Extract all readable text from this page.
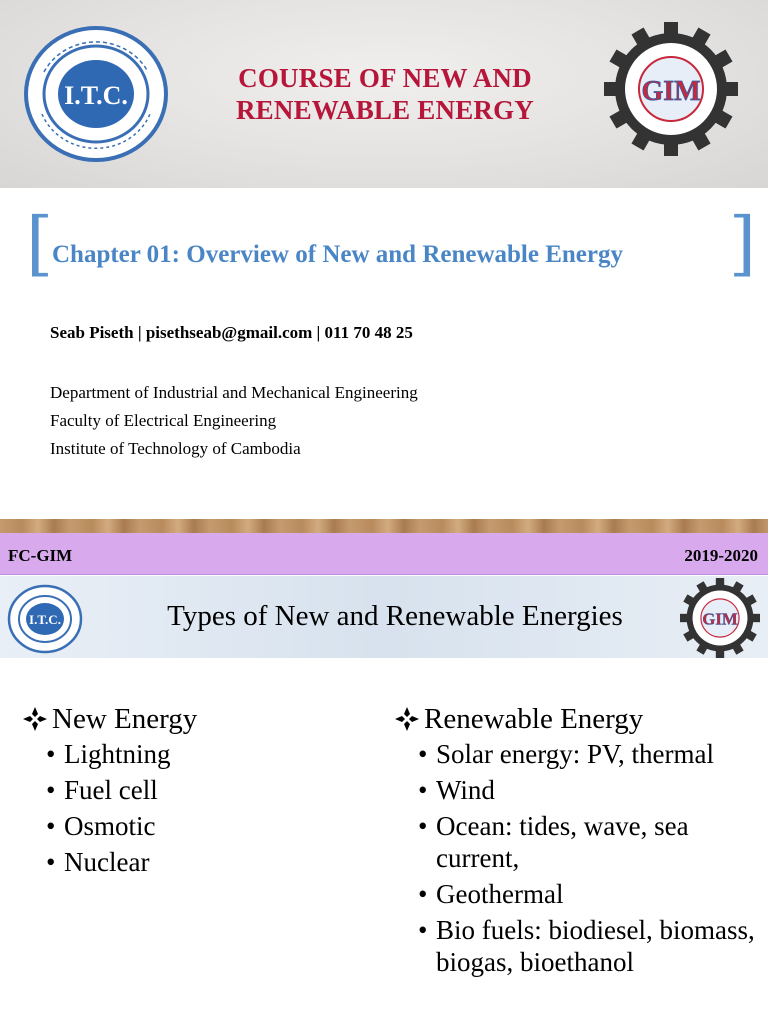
I.T.C.	GIM
COURSE OF NEW AND
RENEWABLE ENERGY
[
Chapter 01: Overview of New and Renewable Energy	]
Seab Piseth | pisethseab@gmail.com | 011 70 48 25
Department of Industrial and Mechanical Engineering
Faculty of Electrical Engineering
Institute of Technology of Cambodia
FC-GIM	2019-2020
I.T.C.	Types of New and Renewable Energies	GIM
New Energy
• Lightning
• Fuel cell
• Osmotic
• Nuclear
Renewable Energy
• Solar energy: PV, thermal
• Wind
• Ocean: tides, wave, sea current,
• Geothermal
• Bio fuels: biodiesel, biomass, biogas, bioethanol
